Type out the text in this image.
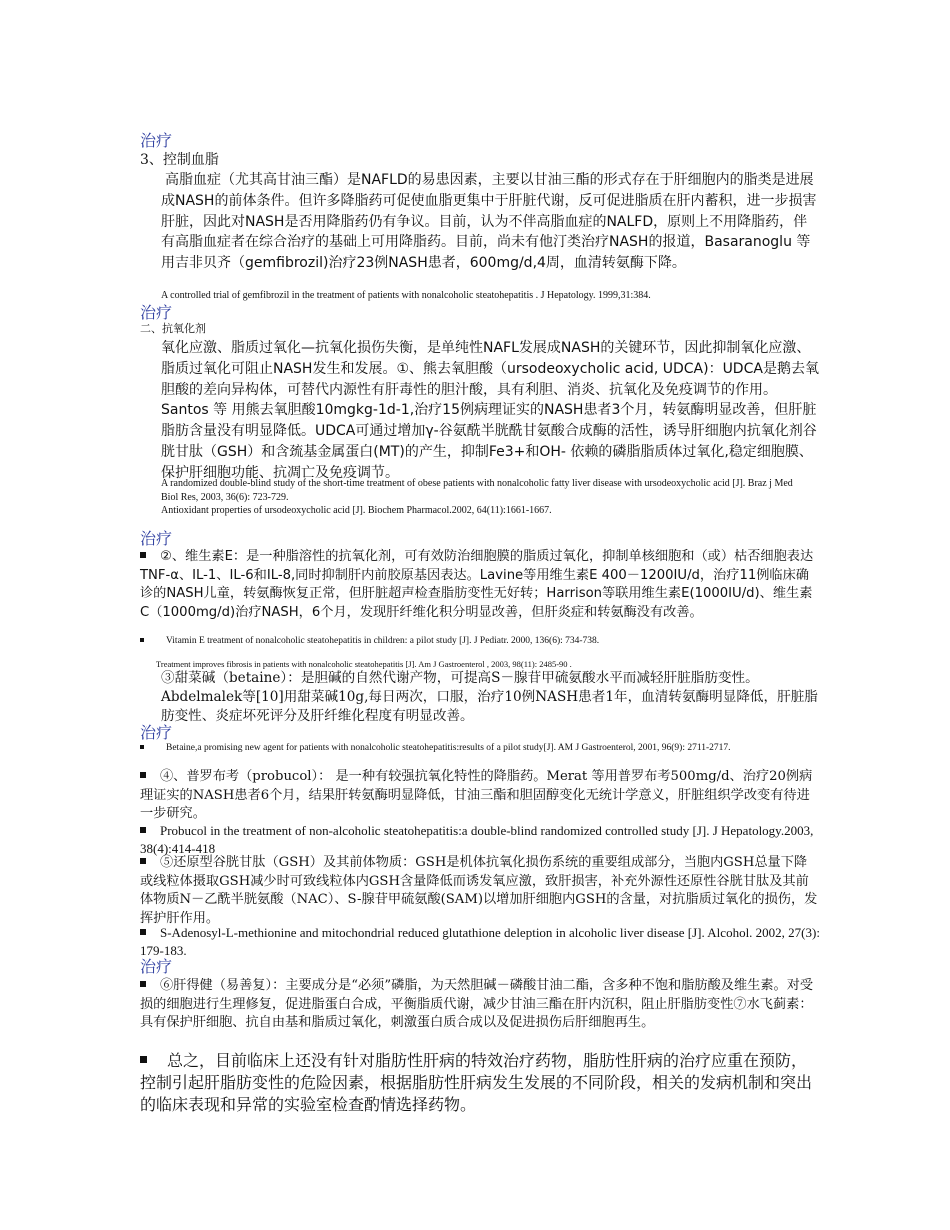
治疗
3、控制血脂

高脂血症（尤其高甘油三酯）是NAFLD的易患因素，主要以甘油三酯的形式存在于肝细胞内的脂类是进展成NASH的前体条件。但许多降脂药可促使血脂更集中于肝脏代谢，反可促进脂质在肝内蓄积，进一步损害肝脏，因此对NASH是否用降脂药仍有争议。目前，认为不伴高脂血症的NALFD，原则上不用降脂药，伴有高脂血症者在综合治疗的基础上可用降脂药。目前，尚未有他汀类治疗NASH的报道，Basaranoglu 等用吉非贝齐（gemfibrozil)治疗23例NASH患者，600mg/d,4周，血清转氨酶下降。

A controlled trial of gemfibrozil in the treatment of patients with nonalcoholic steatohepatitis . J Hepatology. 1999,31:384.

治疗
二、抗氧化剂

氧化应激、脂质过氧化—抗氧化损伤失衡，是单纯性NAFL发展成NASH的关键环节，因此抑制氧化应激、脂质过氧化可阻止NASH发生和发展。①、熊去氧胆酸（ursodeoxycholic acid, UDCA)：UDCA是鹅去氧胆酸的差向异构体，可替代内源性有肝毒性的胆汁酸，具有利胆、消炎、抗氧化及免疫调节的作用。Santos 等 用熊去氧胆酸10mgkg-1d-1,治疗15例病理证实的NASH患者3个月，转氨酶明显改善，但肝脏脂肪含量没有明显降低。UDCA可通过增加γ-谷氨酰半胱酰甘氨酸合成酶的活性，诱导肝细胞内抗氧化剂谷胱甘肽（GSH）和含巯基金属蛋白(MT)的产生，抑制Fe3+和OH- 依赖的磷脂脂质体过氧化,稳定细胞膜、保护肝细胞功能、抗凋亡及免疫调节。

A randomized double-blind study of the short-time treatment of obese patients with nonalcoholic fatty liver disease with ursodeoxycholic acid [J]. Braz j Med Biol Res, 2003, 36(6): 723-729.

Antioxidant properties of ursodeoxycholic acid [J]. Biochem Pharmacol.2002, 64(11):1661-1667.

治疗

②、维生素E：是一种脂溶性的抗氧化剂，可有效防治细胞膜的脂质过氧化，抑制单核细胞和（或）枯否细胞表达TNF-α、IL-1、IL-6和IL-8,同时抑制肝内前胶原基因表达。Lavine等用维生素E 400－1200IU/d，治疗11例临床确诊的NASH儿童，转氨酶恢复正常，但肝脏超声检查脂肪变性无好转；Harrison等联用维生素E(1000IU/d)、维生素C（1000mg/d)治疗NASH，6个月，发现肝纤维化积分明显改善，但肝炎症和转氨酶没有改善。

Vitamin E treatment of nonalcoholic steatohepatitis in children: a pilot study [J]. J Pediatr. 2000, 136(6): 734-738.

Treatment improves fibrosis in patients with nonalcoholic steatohepatitis [J]. Am J Gastroenterol , 2003, 98(11): 2485-90 .

③甜菜碱（betaine）：是胆碱的自然代谢产物，可提高S－腺苷甲硫氨酸水平而减轻肝脏脂肪变性。Abdelmalek等[10]用甜菜碱10g,每日两次，口服，治疗10例NASH患者1年，血清转氨酶明显降低，肝脏脂肪变性、炎症坏死评分及肝纤维化程度有明显改善。

治疗

Betaine,a promising new agent for patients with nonalcoholic steatohepatitis:results of a pilot study[J]. AM J Gastroenterol, 2001, 96(9): 2711-2717.

④、普罗布考（probucol）： 是一种有较强抗氧化特性的降脂药。Merat 等用普罗布考500mg/d、治疗20例病理证实的NASH患者6个月，结果肝转氨酶明显降低，甘油三酯和胆固醇变化无统计学意义，肝脏组织学改变有待进一步研究。

Probucol in the treatment of non-alcoholic steatohepatitis:a double-blind randomized controlled study [J]. J Hepatology.2003, 38(4):414-418

⑤还原型谷胱甘肽（GSH）及其前体物质：GSH是机体抗氧化损伤系统的重要组成部分，当胞内GSH总量下降或线粒体摄取GSH减少时可致线粒体内GSH含量降低而诱发氧应激，致肝损害，补充外源性还原性谷胱甘肽及其前体物质N－乙酰半胱氨酸（NAC）、S-腺苷甲硫氨酸(SAM)以增加肝细胞内GSH的含量，对抗脂质过氧化的损伤，发挥护肝作用。

S-Adenosyl-L-methionine and mitochondrial reduced glutathione deleption in alcoholic liver disease [J]. Alcohol. 2002, 27(3): 179-183.

治疗

⑥肝得健（易善复）：主要成分是“必须”磷脂，为天然胆碱－磷酸甘油二酯，含多种不饱和脂肪酸及维生素。对受损的细胞进行生理修复，促进脂蛋白合成，平衡脂质代谢，减少甘油三酯在肝内沉积，阻止肝脂肪变性⑦水飞蓟素：具有保护肝细胞、抗自由基和脂质过氧化，刺激蛋白质合成以及促进损伤后肝细胞再生。

总之，目前临床上还没有针对脂肪性肝病的特效治疗药物，脂肪性肝病的治疗应重在预防，控制引起肝脂肪变性的危险因素，根据脂肪性肝病发生发展的不同阶段，相关的发病机制和突出的临床表现和异常的实验室检查酌情选择药物。
